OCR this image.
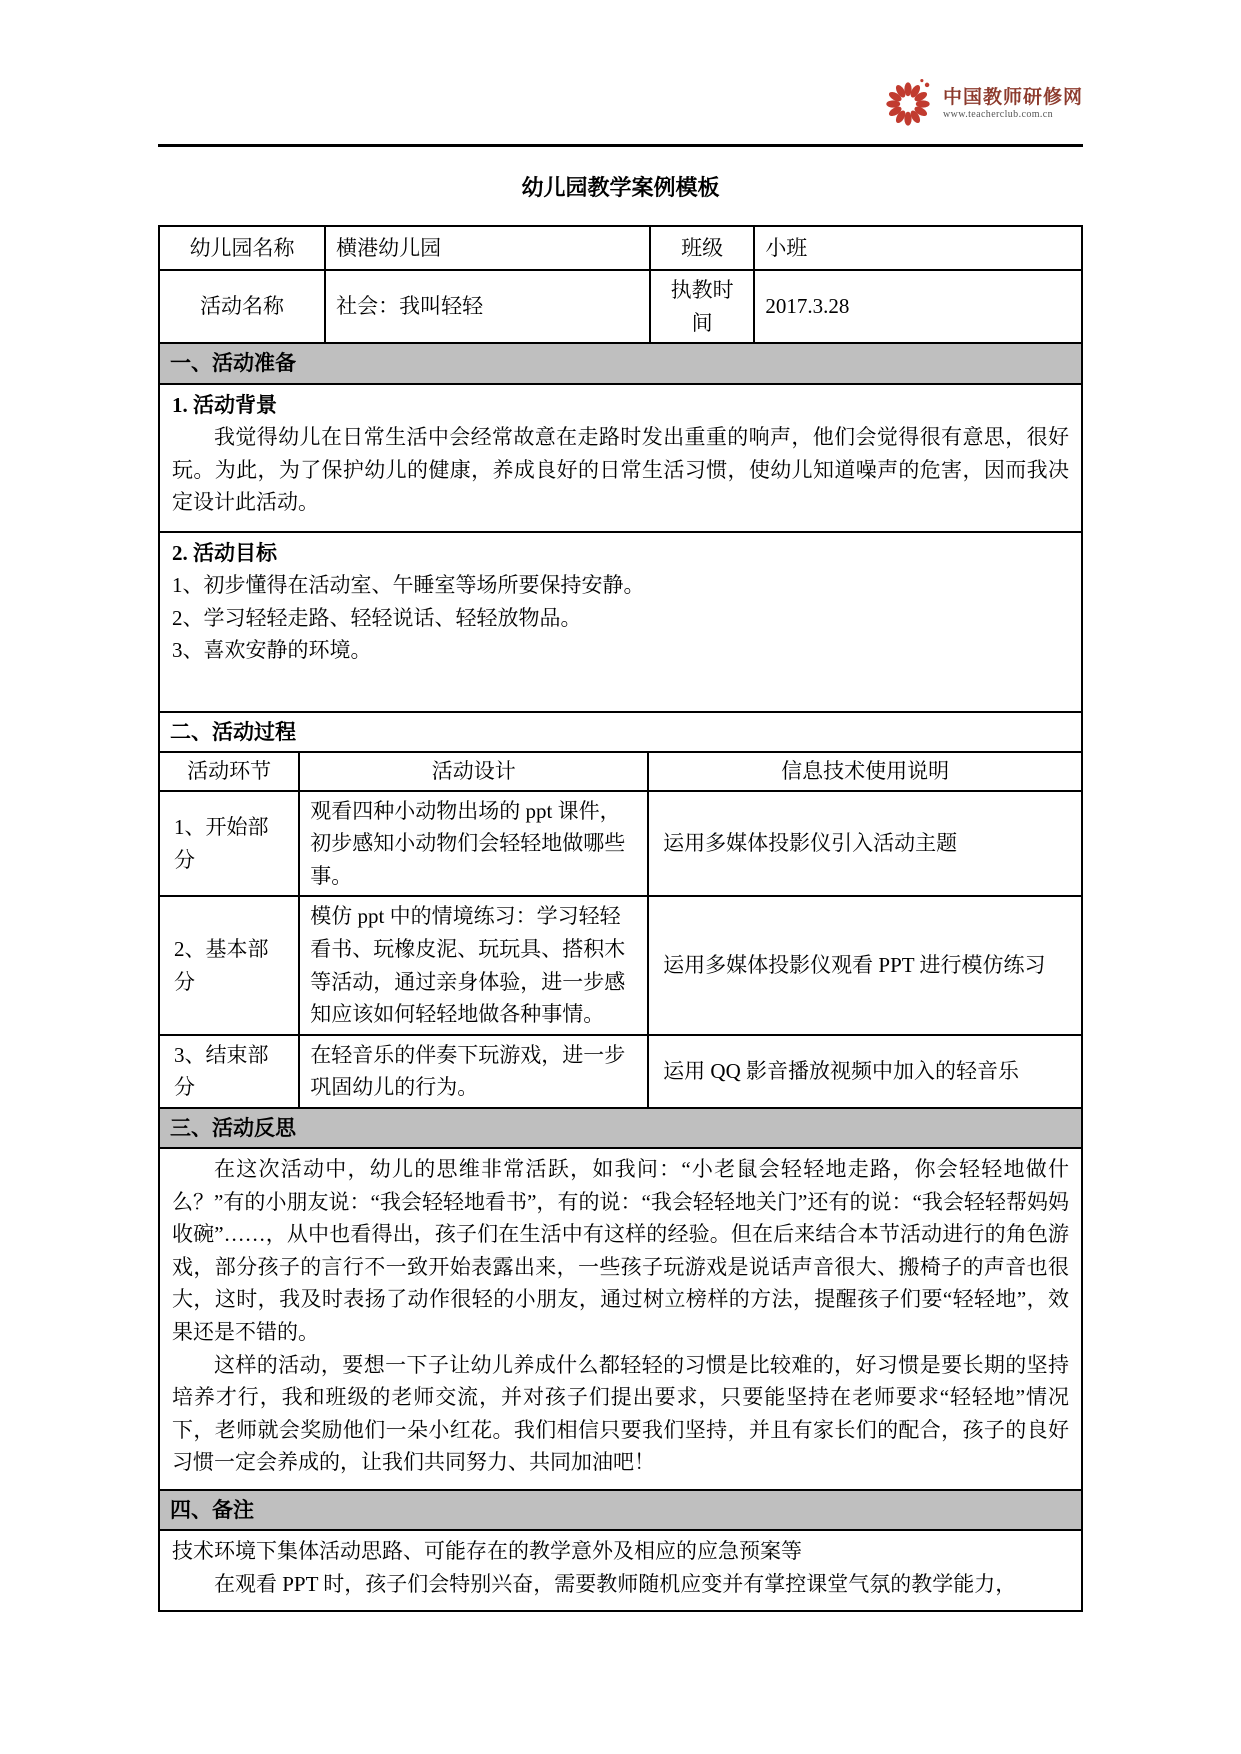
中国教师研修网
www.teacherclub.com.cn
幼儿园教学案例模板
幼儿园名称	横港幼儿园	班级	小班
活动名称	社会：我叫轻轻	执教时间	2017.3.28
一、活动准备
1. 活动背景

我觉得幼儿在日常生活中会经常故意在走路时发出重重的响声，他们会觉得很有意思，很好玩。为此，为了保护幼儿的健康，养成良好的日常生活习惯，使幼儿知道噪声的危害，因而我决定设计此活动。

2. 活动目标
1、初步懂得在活动室、午睡室等场所要保持安静。
2、学习轻轻走路、轻轻说话、轻轻放物品。
3、喜欢安静的环境。
二、活动过程
活动环节	活动设计	信息技术使用说明
1、开始部分	观看四种小动物出场的 ppt 课件，初步感知小动物们会轻轻地做哪些事。	运用多媒体投影仪引入活动主题
2、基本部分	模仿 ppt 中的情境练习：学习轻轻看书、玩橡皮泥、玩玩具、搭积木等活动，通过亲身体验，进一步感知应该如何轻轻地做各种事情。	运用多媒体投影仪观看 PPT 进行模仿练习
3、结束部分	在轻音乐的伴奏下玩游戏，进一步巩固幼儿的行为。	运用 QQ 影音播放视频中加入的轻音乐
三、活动反思

在这次活动中，幼儿的思维非常活跃，如我问：“小老鼠会轻轻地走路，你会轻轻地做什么？”有的小朋友说：“我会轻轻地看书”，有的说：“我会轻轻地关门”还有的说：“我会轻轻帮妈妈收碗”……，从中也看得出，孩子们在生活中有这样的经验。但在后来结合本节活动进行的角色游戏，部分孩子的言行不一致开始表露出来，一些孩子玩游戏是说话声音很大、搬椅子的声音也很大，这时，我及时表扬了动作很轻的小朋友，通过树立榜样的方法，提醒孩子们要“轻轻地”，效果还是不错的。

这样的活动，要想一下子让幼儿养成什么都轻轻的习惯是比较难的，好习惯是要长期的坚持培养才行，我和班级的老师交流，并对孩子们提出要求，只要能坚持在老师要求“轻轻地”情况下，老师就会奖励他们一朵小红花。我们相信只要我们坚持，并且有家长们的配合，孩子的良好习惯一定会养成的，让我们共同努力、共同加油吧！

四、备注

技术环境下集体活动思路、可能存在的教学意外及相应的应急预案等

在观看 PPT 时，孩子们会特别兴奋，需要教师随机应变并有掌控课堂气氛的教学能力，
